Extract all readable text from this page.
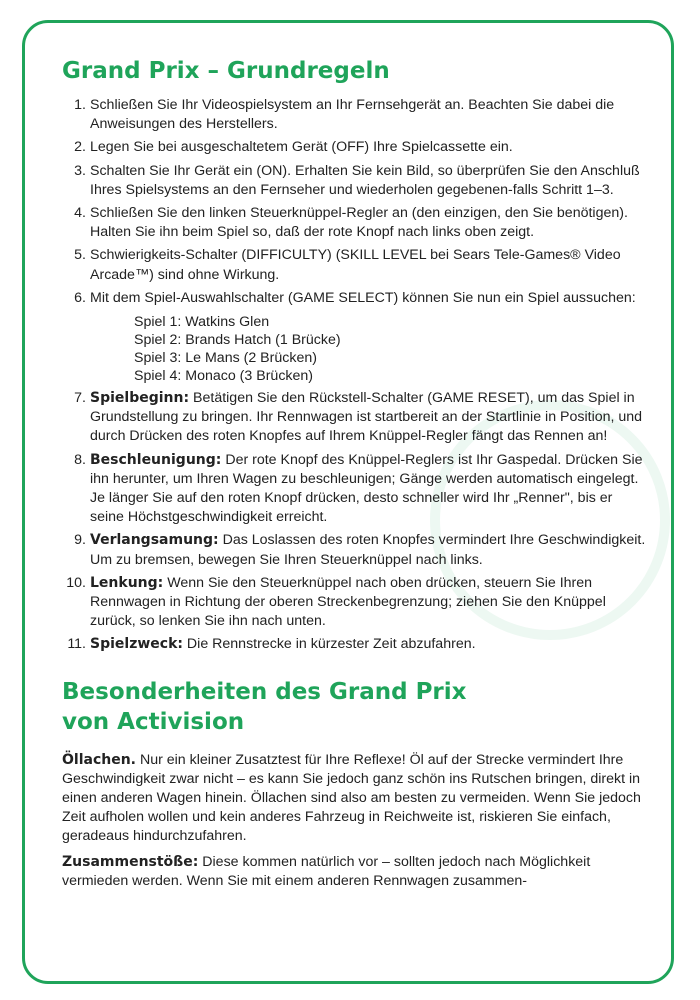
Grand Prix – Grundregeln
1. Schließen Sie Ihr Videospielsystem an Ihr Fernsehgerät an. Beachten Sie dabei die Anweisungen des Herstellers.
2. Legen Sie bei ausgeschaltetem Gerät (OFF) Ihre Spielcassette ein.
3. Schalten Sie Ihr Gerät ein (ON). Erhalten Sie kein Bild, so überprüfen Sie den Anschluß Ihres Spielsystems an den Fernseher und wiederholen gegebenen-falls Schritt 1–3.
4. Schließen Sie den linken Steuerknüppel-Regler an (den einzigen, den Sie benötigen). Halten Sie ihn beim Spiel so, daß der rote Knopf nach links oben zeigt.
5. Schwierigkeits-Schalter (DIFFICULTY) (SKILL LEVEL bei Sears Tele-Games® Video Arcade™) sind ohne Wirkung.
6. Mit dem Spiel-Auswahlschalter (GAME SELECT) können Sie nun ein Spiel aussuchen:
Spiel 1: Watkins Glen
Spiel 2: Brands Hatch (1 Brücke)
Spiel 3: Le Mans (2 Brücken)
Spiel 4: Monaco (3 Brücken)
7. Spielbeginn: Betätigen Sie den Rückstell-Schalter (GAME RESET), um das Spiel in Grundstellung zu bringen. Ihr Rennwagen ist startbereit an der Startlinie in Position, und durch Drücken des roten Knopfes auf Ihrem Knüppel-Regler fängt das Rennen an!
8. Beschleunigung: Der rote Knopf des Knüppel-Reglers ist Ihr Gaspedal. Drücken Sie ihn herunter, um Ihren Wagen zu beschleunigen; Gänge werden automatisch eingelegt. Je länger Sie auf den roten Knopf drücken, desto schneller wird Ihr „Renner", bis er seine Höchstgeschwindigkeit erreicht.
9. Verlangsamung: Das Loslassen des roten Knopfes vermindert Ihre Geschwindigkeit. Um zu bremsen, bewegen Sie Ihren Steuerknüppel nach links.
10. Lenkung: Wenn Sie den Steuerknüppel nach oben drücken, steuern Sie Ihren Rennwagen in Richtung der oberen Streckenbegrenzung; ziehen Sie den Knüppel zurück, so lenken Sie ihn nach unten.
11. Spielzweck: Die Rennstrecke in kürzester Zeit abzufahren.
Besonderheiten des Grand Prix
von Activision

Öllachen. Nur ein kleiner Zusatztest für Ihre Reflexe! Öl auf der Strecke vermindert Ihre Geschwindigkeit zwar nicht – es kann Sie jedoch ganz schön ins Rutschen bringen, direkt in einen anderen Wagen hinein. Öllachen sind also am besten zu vermeiden. Wenn Sie jedoch Zeit aufholen wollen und kein anderes Fahrzeug in Reichweite ist, riskieren Sie einfach, geradeaus hindurchzufahren.

Zusammenstöße: Diese kommen natürlich vor – sollten jedoch nach Möglichkeit vermieden werden. Wenn Sie mit einem anderen Rennwagen zusammen-
